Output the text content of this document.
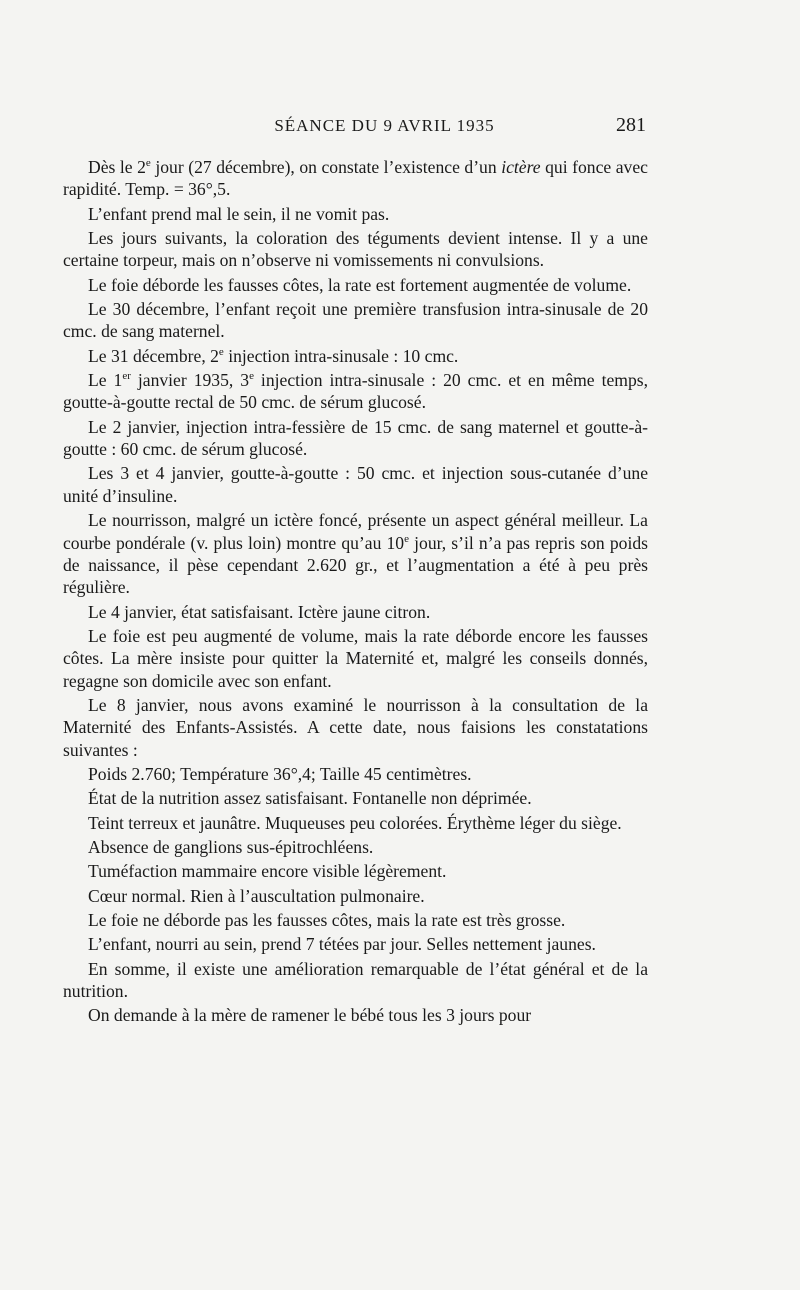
SÉANCE DU 9 AVRIL 1935	281

Dès le 2e jour (27 décembre), on constate l’existence d’un ictère qui fonce avec rapidité. Temp. = 36°,5.

L’enfant prend mal le sein, il ne vomit pas.

Les jours suivants, la coloration des téguments devient intense. Il y a une certaine torpeur, mais on n’observe ni vomissements ni convulsions.

Le foie déborde les fausses côtes, la rate est fortement augmentée de volume.

Le 30 décembre, l’enfant reçoit une première transfusion intra-sinusale de 20 cmc. de sang maternel.

Le 31 décembre, 2e injection intra-sinusale : 10 cmc.

Le 1er janvier 1935, 3e injection intra-sinusale : 20 cmc. et en même temps, goutte-à-goutte rectal de 50 cmc. de sérum glucosé.

Le 2 janvier, injection intra-fessière de 15 cmc. de sang maternel et goutte-à-goutte : 60 cmc. de sérum glucosé.

Les 3 et 4 janvier, goutte-à-goutte : 50 cmc. et injection sous-cutanée d’une unité d’insuline.

Le nourrisson, malgré un ictère foncé, présente un aspect général meilleur. La courbe pondérale (v. plus loin) montre qu’au 10e jour, s’il n’a pas repris son poids de naissance, il pèse cependant 2.620 gr., et l’augmentation a été à peu près régulière.

Le 4 janvier, état satisfaisant. Ictère jaune citron.

Le foie est peu augmenté de volume, mais la rate déborde encore les fausses côtes. La mère insiste pour quitter la Maternité et, malgré les conseils donnés, regagne son domicile avec son enfant.

Le 8 janvier, nous avons examiné le nourrisson à la consultation de la Maternité des Enfants-Assistés. A cette date, nous faisions les constatations suivantes :

Poids 2.760; Température 36°,4; Taille 45 centimètres.

État de la nutrition assez satisfaisant. Fontanelle non déprimée.

Teint terreux et jaunâtre. Muqueuses peu colorées. Érythème léger du siège.

Absence de ganglions sus-épitrochléens.

Tuméfaction mammaire encore visible légèrement.

Cœur normal. Rien à l’auscultation pulmonaire.

Le foie ne déborde pas les fausses côtes, mais la rate est très grosse.

L’enfant, nourri au sein, prend 7 tétées par jour. Selles nettement jaunes.

En somme, il existe une amélioration remarquable de l’état général et de la nutrition.

On demande à la mère de ramener le bébé tous les 3 jours pour
